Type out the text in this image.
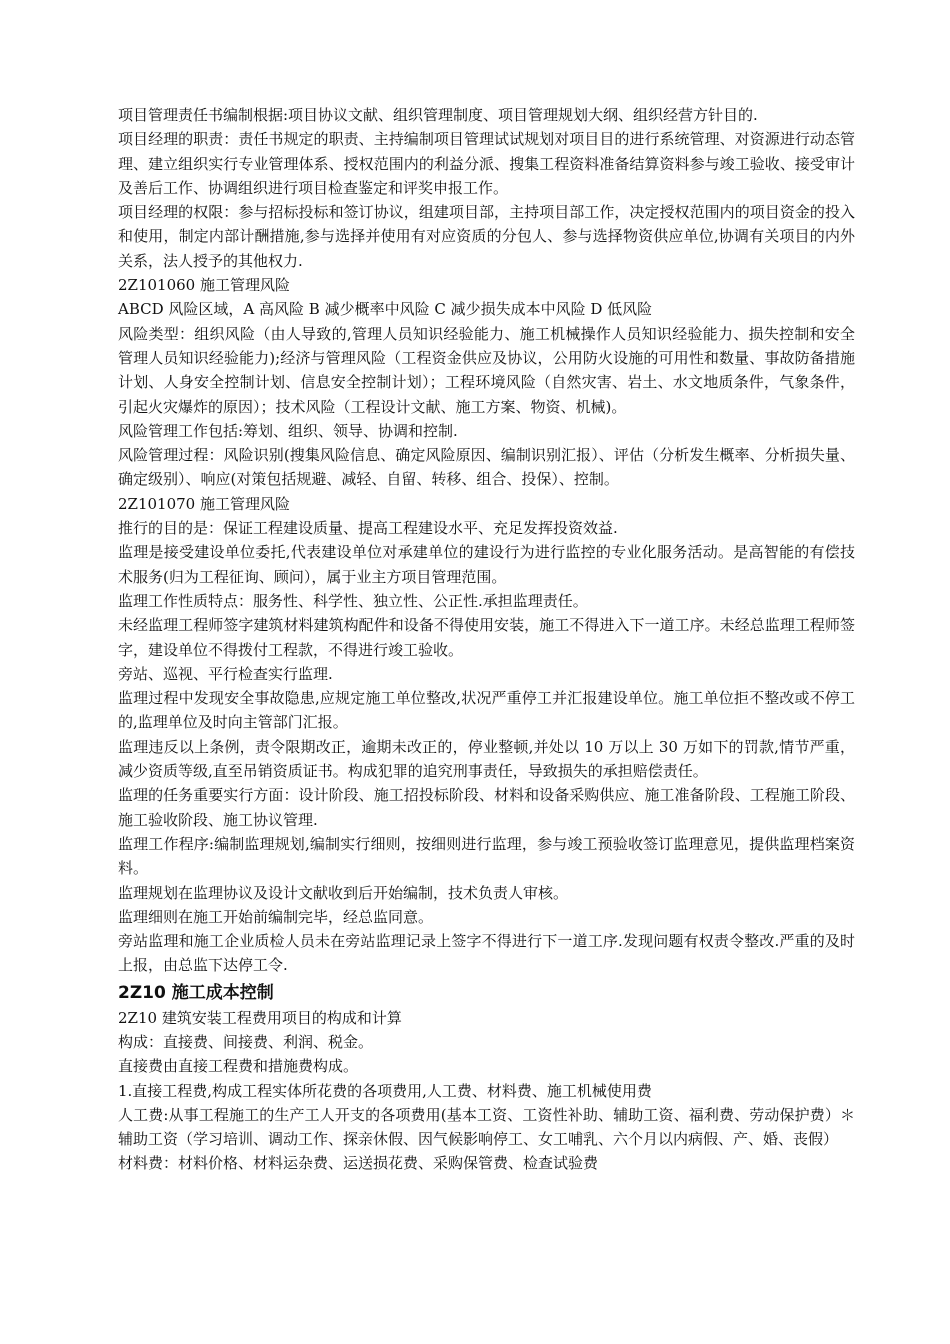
项目管理责任书编制根据:项目协议文献、组织管理制度、项目管理规划大纲、组织经营方针目的.

项目经理的职责：责任书规定的职责、主持编制项目管理试试规划对项目目的进行系统管理、对资源进行动态管理、建立组织实行专业管理体系、授权范围内的利益分派、搜集工程资料准备结算资料参与竣工验收、接受审计及善后工作、协调组织进行项目检查鉴定和评奖申报工作。

项目经理的权限：参与招标投标和签订协议，组建项目部，主持项目部工作，决定授权范围内的项目资金的投入和使用，制定内部计酬措施,参与选择并使用有对应资质的分包人、参与选择物资供应单位,协调有关项目的内外关系，法人授予的其他权力.

2Z101060 施工管理风险

ABCD 风险区域，A 高风险 B 减少概率中风险 C 减少损失成本中风险 D 低风险

风险类型：组织风险（由人导致的,管理人员知识经验能力、施工机械操作人员知识经验能力、损失控制和安全管理人员知识经验能力);经济与管理风险（工程资金供应及协议，公用防火设施的可用性和数量、事故防备措施计划、人身安全控制计划、信息安全控制计划）；工程环境风险（自然灾害、岩土、水文地质条件，气象条件，引起火灾爆炸的原因）；技术风险（工程设计文献、施工方案、物资、机械)。

风险管理工作包括:筹划、组织、领导、协调和控制.

风险管理过程：风险识别(搜集风险信息、确定风险原因、编制识别汇报）、评估（分析发生概率、分析损失量、确定级别）、响应(对策包括规避、减轻、自留、转移、组合、投保）、控制。

2Z101070 施工管理风险

推行的目的是：保证工程建设质量、提高工程建设水平、充足发挥投资效益.

监理是接受建设单位委托,代表建设单位对承建单位的建设行为进行监控的专业化服务活动。是高智能的有偿技术服务(归为工程征询、顾问），属于业主方项目管理范围。

监理工作性质特点：服务性、科学性、独立性、公正性.承担监理责任。

未经监理工程师签字建筑材料建筑构配件和设备不得使用安装，施工不得进入下一道工序。未经总监理工程师签字，建设单位不得拨付工程款，不得进行竣工验收。

旁站、巡视、平行检查实行监理.

监理过程中发现安全事故隐患,应规定施工单位整改,状况严重停工并汇报建设单位。施工单位拒不整改或不停工的,监理单位及时向主管部门汇报。

监理违反以上条例，责令限期改正，逾期未改正的，停业整顿,并处以 10 万以上 30 万如下的罚款,情节严重，减少资质等级,直至吊销资质证书。构成犯罪的追究刑事责任，导致损失的承担赔偿责任。

监理的任务重要实行方面：设计阶段、施工招投标阶段、材料和设备采购供应、施工准备阶段、工程施工阶段、施工验收阶段、施工协议管理.

监理工作程序:编制监理规划,编制实行细则，按细则进行监理，参与竣工预验收签订监理意见，提供监理档案资料。

监理规划在监理协议及设计文献收到后开始编制，技术负责人审核。

监理细则在施工开始前编制完毕，经总监同意。

旁站监理和施工企业质检人员未在旁站监理记录上签字不得进行下一道工序.发现问题有权责令整改.严重的及时上报，由总监下达停工令.

2Z10 施工成本控制

2Z10 建筑安装工程费用项目的构成和计算

构成：直接费、间接费、利润、税金。

直接费由直接工程费和措施费构成。

1.直接工程费,构成工程实体所花费的各项费用,人工费、材料费、施工机械使用费

人工费:从事工程施工的生产工人开支的各项费用(基本工资、工资性补助、辅助工资、福利费、劳动保护费）＊辅助工资（学习培训、调动工作、探亲休假、因气候影响停工、女工哺乳、六个月以内病假、产、婚、丧假）

材料费：材料价格、材料运杂费、运送损花费、采购保管费、检查试验费
